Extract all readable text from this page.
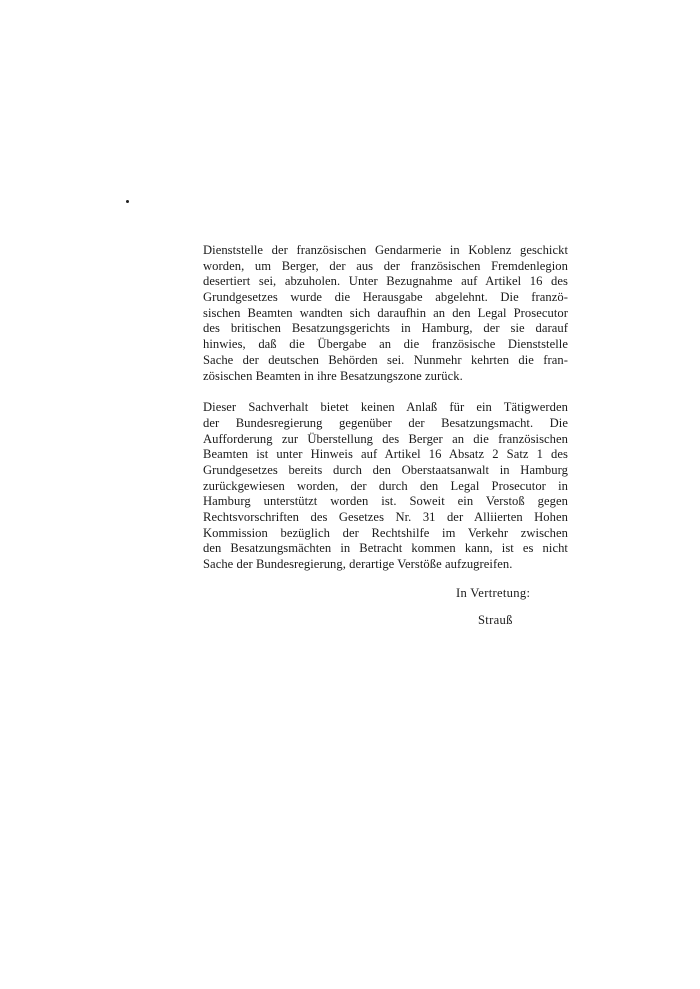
Dienststelle der französischen Gendarmerie in Koblenz geschickt
worden, um Berger, der aus der französischen Fremdenlegion
desertiert sei, abzuholen. Unter Bezugnahme auf Artikel 16 des
Grundgesetzes wurde die Herausgabe abgelehnt. Die franzö-
sischen Beamten wandten sich daraufhin an den Legal Prosecutor
des britischen Besatzungsgerichts in Hamburg, der sie darauf
hinwies, daß die Übergabe an die französische Dienststelle
Sache der deutschen Behörden sei. Nunmehr kehrten die fran-
zösischen Beamten in ihre Besatzungszone zurück.

Dieser Sachverhalt bietet keinen Anlaß für ein Tätigwerden
der Bundesregierung gegenüber der Besatzungsmacht. Die
Aufforderung zur Überstellung des Berger an die französischen
Beamten ist unter Hinweis auf Artikel 16 Absatz 2 Satz 1 des
Grundgesetzes bereits durch den Oberstaatsanwalt in Hamburg
zurückgewiesen worden, der durch den Legal Prosecutor in
Hamburg unterstützt worden ist. Soweit ein Verstoß gegen
Rechtsvorschriften des Gesetzes Nr. 31 der Alliierten Hohen
Kommission bezüglich der Rechtshilfe im Verkehr zwischen
den Besatzungsmächten in Betracht kommen kann, ist es nicht
Sache der Bundesregierung, derartige Verstöße aufzugreifen.

In Vertretung:
Strauß
